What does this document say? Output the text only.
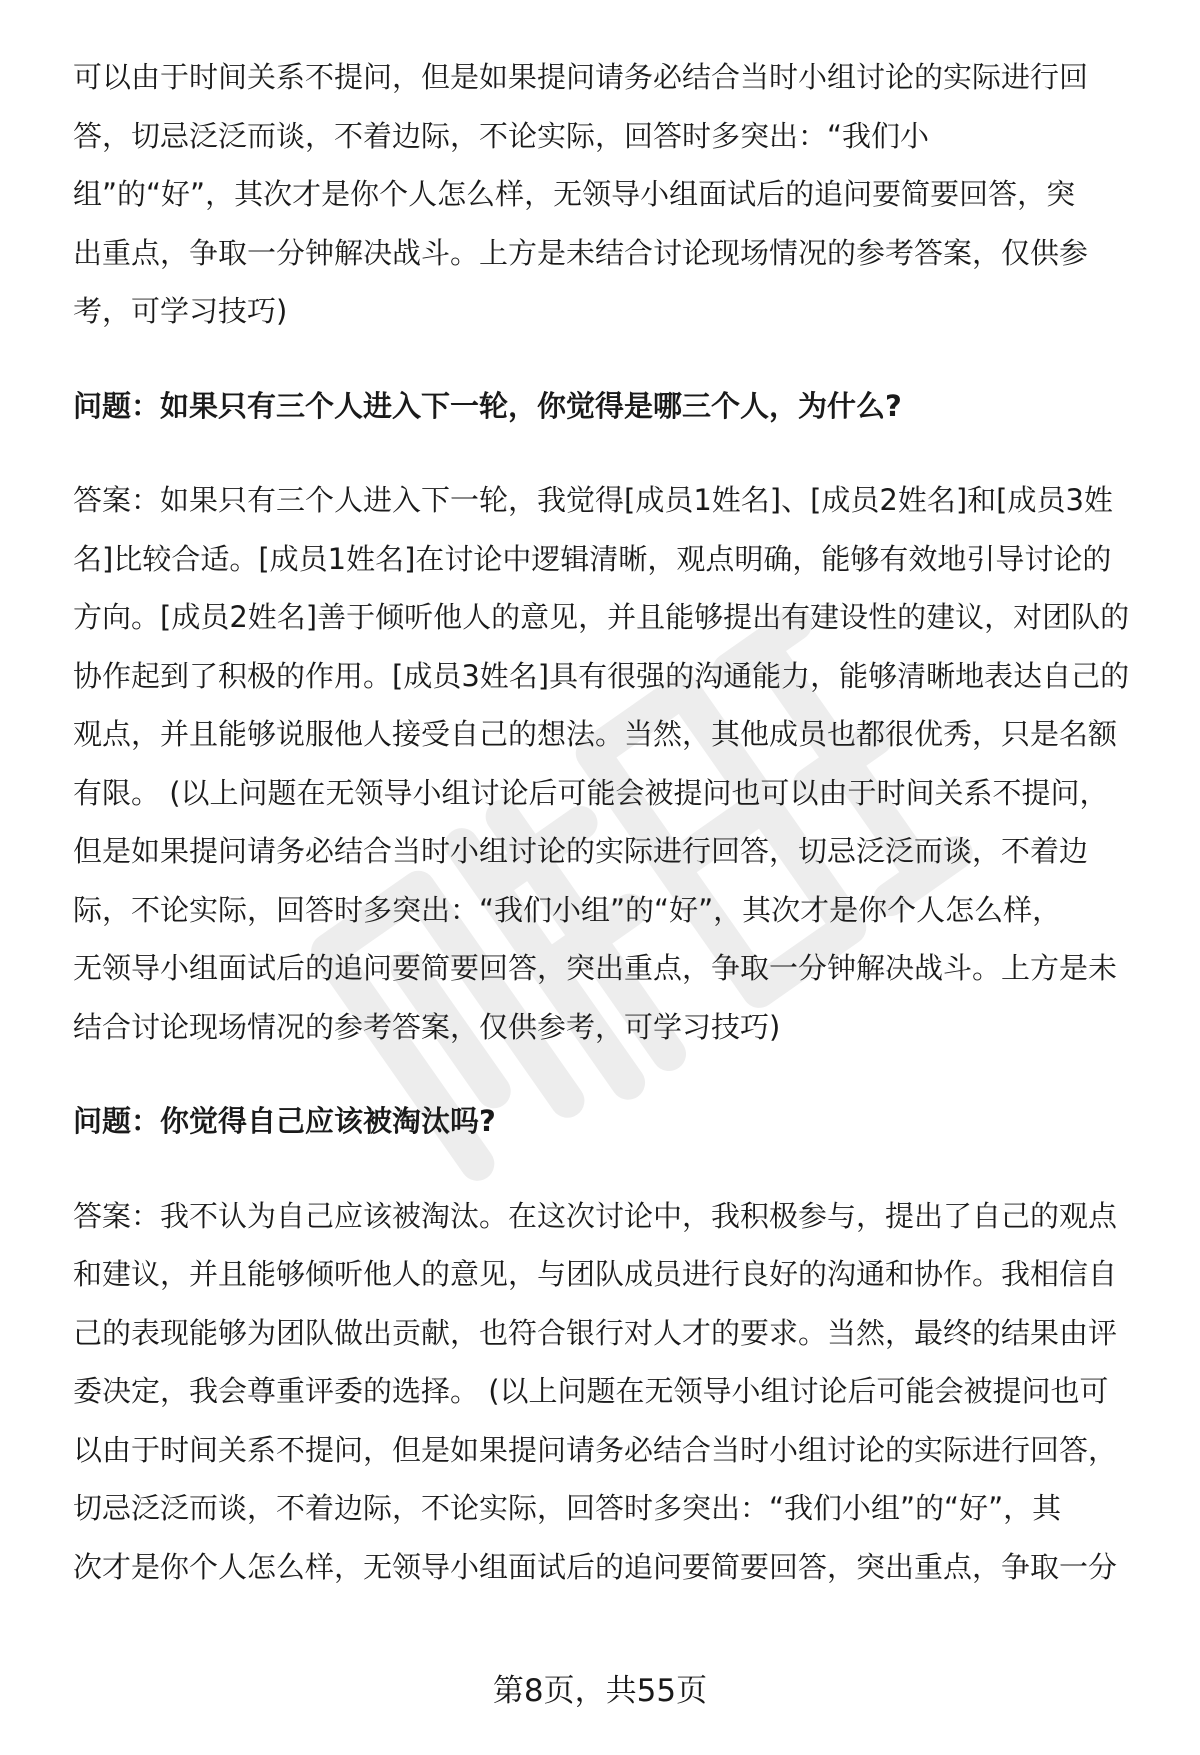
可以由于时间关系不提问，但是如果提问请务必结合当时小组讨论的实际进行回
答，切忌泛泛而谈，不着边际，不论实际，回答时多突出：“我们小
组”的“好”，其次才是你个人怎么样，无领导小组面试后的追问要简要回答，突
出重点，争取一分钟解决战斗。上方是未结合讨论现场情况的参考答案，仅供参
考，可学习技巧)

问题：如果只有三个人进入下一轮，你觉得是哪三个人，为什么?

答案：如果只有三个人进入下一轮，我觉得[成员1姓名]、[成员2姓名]和[成员3姓
名]比较合适。[成员1姓名]在讨论中逻辑清晰，观点明确，能够有效地引导讨论的
方向。[成员2姓名]善于倾听他人的意见，并且能够提出有建设性的建议，对团队的
协作起到了积极的作用。[成员3姓名]具有很强的沟通能力，能够清晰地表达自己的
观点，并且能够说服他人接受自己的想法。当然，其他成员也都很优秀，只是名额
有限。 (以上问题在无领导小组讨论后可能会被提问也可以由于时间关系不提问，
但是如果提问请务必结合当时小组讨论的实际进行回答，切忌泛泛而谈，不着边
际，不论实际，回答时多突出：“我们小组”的“好”，其次才是你个人怎么样，
无领导小组面试后的追问要简要回答，突出重点，争取一分钟解决战斗。上方是未
结合讨论现场情况的参考答案，仅供参考，可学习技巧)

问题：你觉得自己应该被淘汰吗?

答案：我不认为自己应该被淘汰。在这次讨论中，我积极参与，提出了自己的观点
和建议，并且能够倾听他人的意见，与团队成员进行良好的沟通和协作。我相信自
己的表现能够为团队做出贡献，也符合银行对人才的要求。当然，最终的结果由评
委决定，我会尊重评委的选择。 (以上问题在无领导小组讨论后可能会被提问也可
以由于时间关系不提问，但是如果提问请务必结合当时小组讨论的实际进行回答，
切忌泛泛而谈，不着边际，不论实际，回答时多突出：“我们小组”的“好”，其
次才是你个人怎么样，无领导小组面试后的追问要简要回答，突出重点，争取一分
第8页，共55页
